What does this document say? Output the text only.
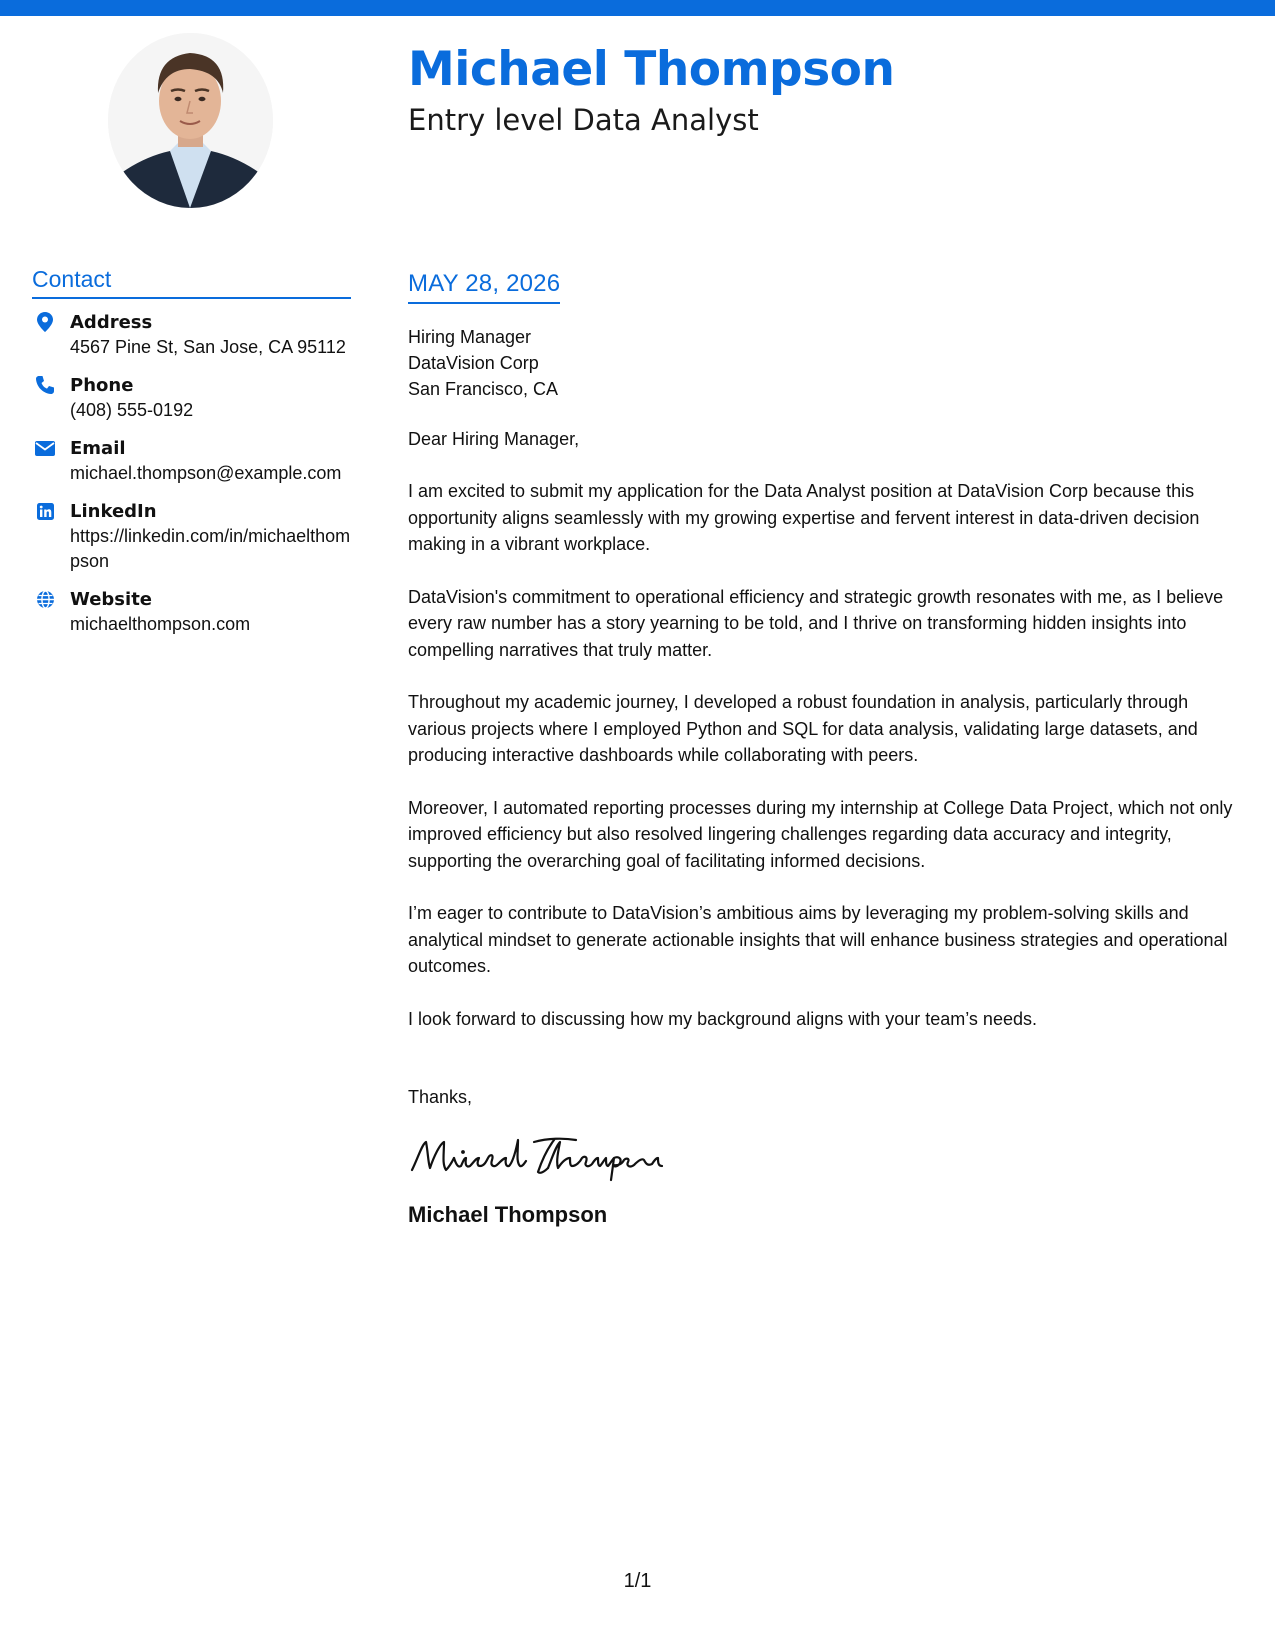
Michael Thompson
Entry level Data Analyst
Contact
Address
4567 Pine St, San Jose, CA 95112
Phone
(408) 555-0192
Email
michael.thompson@example.com
LinkedIn
https://linkedin.com/in/michaelthompson
Website
michaelthompson.com
MAY 28, 2026
Hiring Manager
DataVision Corp
San Francisco, CA
Dear Hiring Manager,
I am excited to submit my application for the Data Analyst position at DataVision Corp because this opportunity aligns seamlessly with my growing expertise and fervent interest in data-driven decision making in a vibrant workplace.
DataVision's commitment to operational efficiency and strategic growth resonates with me, as I believe every raw number has a story yearning to be told, and I thrive on transforming hidden insights into compelling narratives that truly matter.
Throughout my academic journey, I developed a robust foundation in analysis, particularly through various projects where I employed Python and SQL for data analysis, validating large datasets, and producing interactive dashboards while collaborating with peers.
Moreover, I automated reporting processes during my internship at College Data Project, which not only improved efficiency but also resolved lingering challenges regarding data accuracy and integrity, supporting the overarching goal of facilitating informed decisions.
I’m eager to contribute to DataVision’s ambitious aims by leveraging my problem-solving skills and analytical mindset to generate actionable insights that will enhance business strategies and operational outcomes.
I look forward to discussing how my background aligns with your team’s needs.
Thanks,
Michael Thompson
1/1
